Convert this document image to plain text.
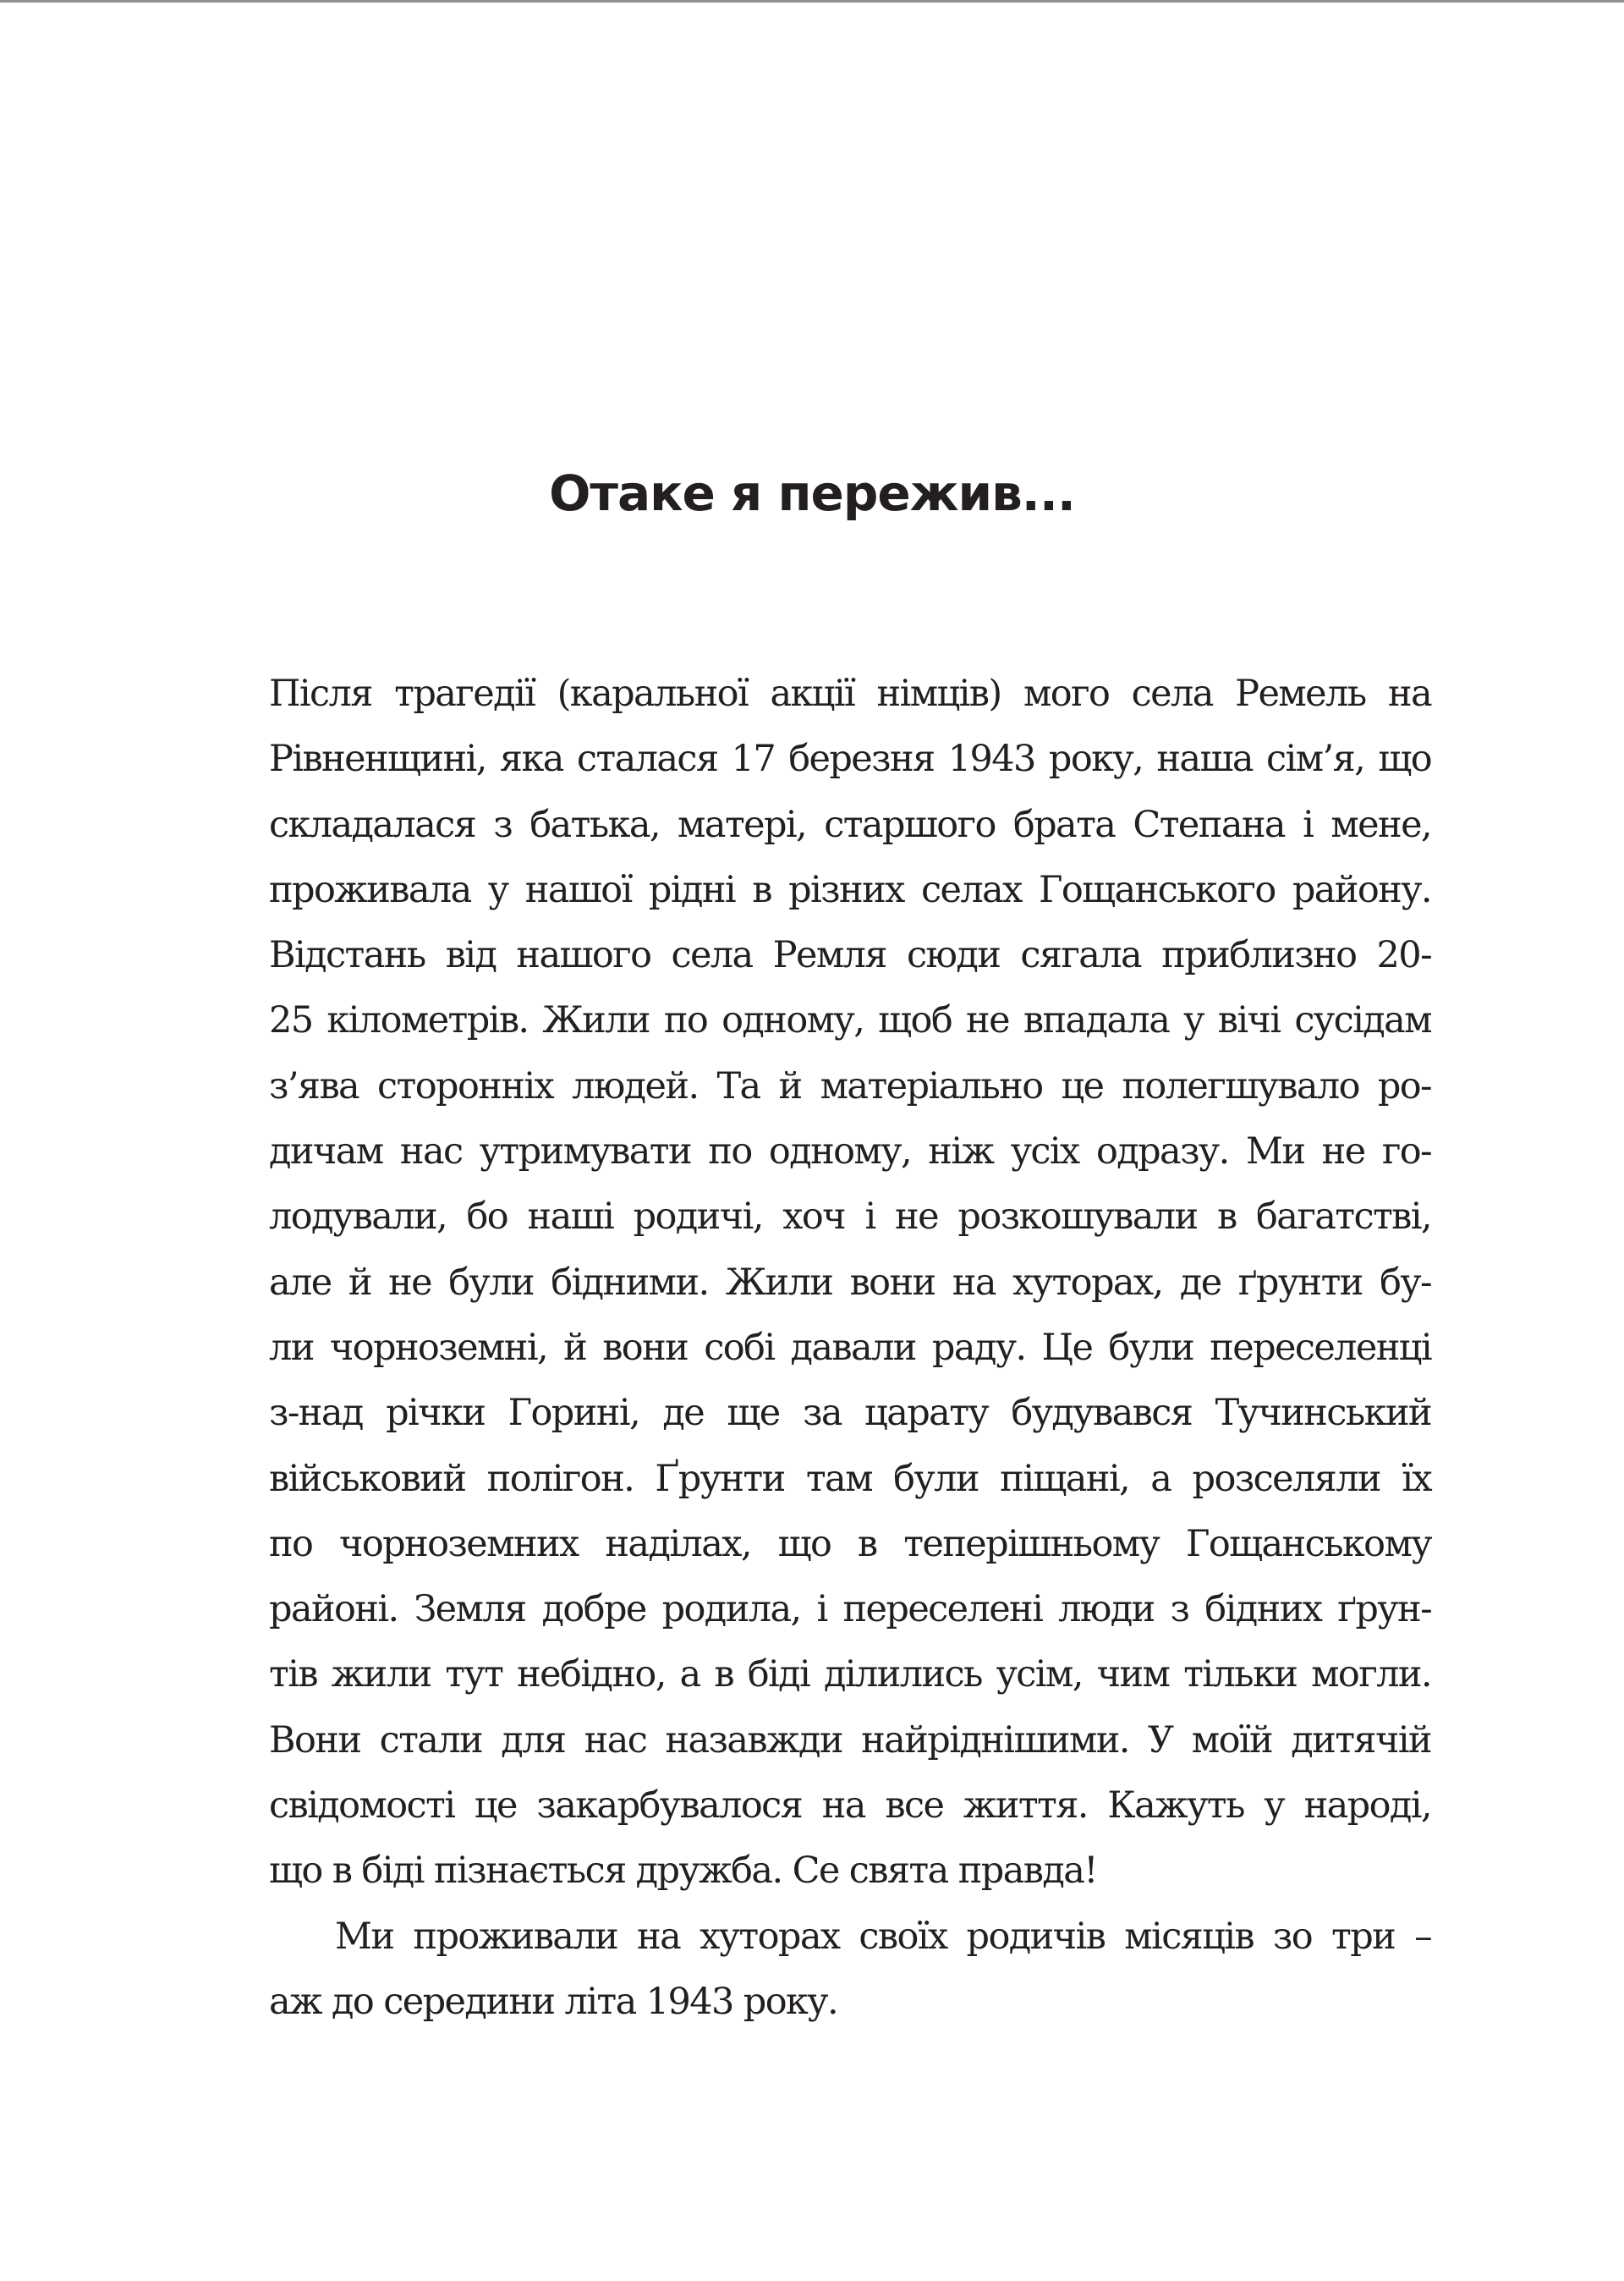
Отаке я пережив...
Після трагедії (каральної акції німців) мого села Ремель на
Рівненщині, яка сталася 17 березня 1943 року, наша сім’я, що
складалася з батька, матері, старшого брата Степана і мене,
проживала у нашої рідні в різних селах Гощанського району.
Відстань від нашого села Ремля сюди сягала приблизно 20-
25 кілометрів. Жили по одному, щоб не впадала у вічі сусідам
з’ява сторонніх людей. Та й матеріально це полегшувало ро-
дичам нас утримувати по одному, ніж усіх одразу. Ми не го-
лодували, бо наші родичі, хоч і не розкошували в багатстві,
але й не були бідними. Жили вони на хуторах, де ґрунти бу-
ли чорноземні, й вони собі давали раду. Це були переселенці
з-над річки Горині, де ще за царату будувався Тучинський
військовий полігон. Ґрунти там були піщані, а розселяли їх
по чорноземних наділах, що в теперішньому Гощанському
районі. Земля добре родила, і переселені люди з бідних ґрун-
тів жили тут небідно, а в біді ділились усім, чим тільки могли.
Вони стали для нас назавжди найріднішими. У моїй дитячій
свідомості це закарбувалося на все життя. Кажуть у народі,
що в біді пізнається дружба. Се свята правда!
Ми проживали на хуторах своїх родичів місяців зо три –
аж до середини літа 1943 року.
